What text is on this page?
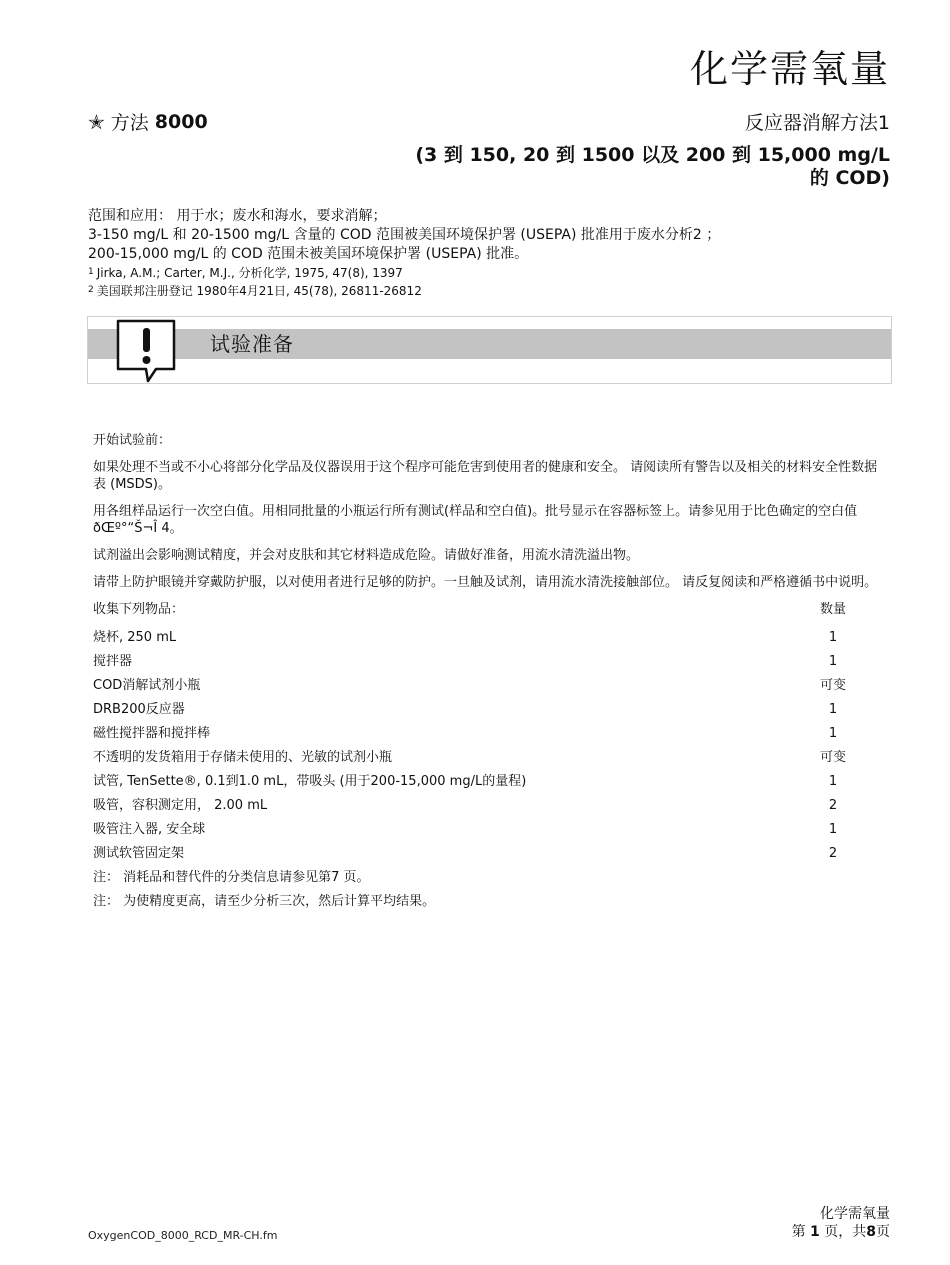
化学需氧量
✭ 方法 8000	反应器消解方法1
(3 到 150, 20 到 1500 以及 200 到 15,000 mg/L
的 COD)
范围和应用： 用于水；废水和海水，要求消解；
3-150 mg/L 和 20-1500 mg/L 含量的 COD 范围被美国环境保护署 (USEPA) 批准用于废水分析2 ；
200-15,000 mg/L 的 COD 范围未被美国环境保护署 (USEPA) 批准。
$^1$ Jirka, A.M.; Carter, M.J., 分析化学, 1975, 47(8), 1397
$^2$ 美国联邦注册登记 1980年4月21日, 45(78), 26811-26812
试验准备

开始试验前：

如果处理不当或不小心将部分化学品及仪器误用于这个程序可能危害到使用者的健康和安全。 请阅读所有警告以及相关的材料安全性数据表 (MSDS)。

用各组样品运行一次空白值。用相同批量的小瓶运行所有测试(样品和空白值)。批号显示在容器标签上。请参见用于比色确定的空白值 ðŒº°“Š¬Î 4。

试剂溢出会影响测试精度，并会对皮肤和其它材料造成危险。请做好准备，用流水清洗溢出物。

请带上防护眼镜并穿戴防护服，以对使用者进行足够的防护。一旦触及试剂，请用流水清洗接触部位。 请反复阅读和严格遵循书中说明。

收集下列物品：	数量
烧杯, 250 mL	1
搅拌器	1
COD消解试剂小瓶	可变
DRB200反应器	1
磁性搅拌器和搅拌棒	1
不透明的发货箱用于存储未使用的、光敏的试剂小瓶	可变
试管, TenSette®, 0.1到1.0 mL，带吸头 (用于200-15,000 mg/L的量程)	1
吸管，容积测定用， 2.00 mL	2
吸管注入器, 安全球	1
测试软管固定架	2
注： 消耗品和替代件的分类信息请参见第7 页。
注： 为使精度更高，请至少分析三次，然后计算平均结果。
化学需氧量
第 1 页，共8页
OxygenCOD_8000_RCD_MR-CH.fm
